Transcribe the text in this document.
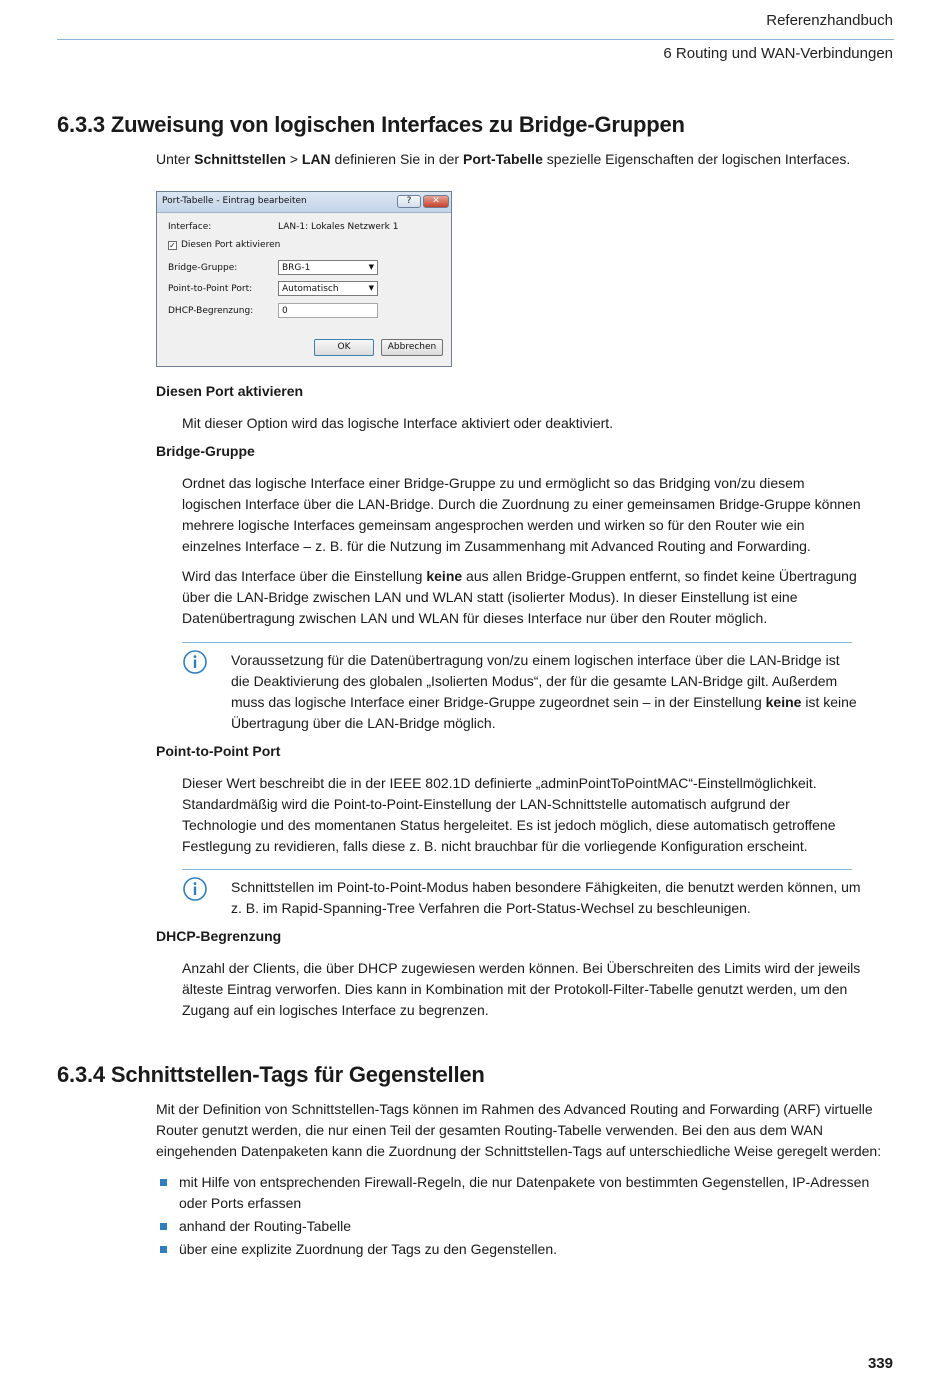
Referenzhandbuch
6 Routing und WAN-Verbindungen
6.3.3 Zuweisung von logischen Interfaces zu Bridge-Gruppen

Unter Schnittstellen > LAN definieren Sie in der Port-Tabelle spezielle Eigenschaften der logischen Interfaces.

Port-Tabelle - Eintrag bearbeiten	?	✕
Interface:	LAN-1: Lokales Netzwerk 1
✓ Diesen Port aktivieren
Bridge-Gruppe:	BRG-1	▼
Point-to-Point Port:	Automatisch	▼
DHCP-Begrenzung:	0
OK	Abbrechen

Diesen Port aktivieren

Mit dieser Option wird das logische Interface aktiviert oder deaktiviert.

Bridge-Gruppe

Ordnet das logische Interface einer Bridge-Gruppe zu und ermöglicht so das Bridging von/zu diesem logischen Interface über die LAN-Bridge. Durch die Zuordnung zu einer gemeinsamen Bridge-Gruppe können mehrere logische Interfaces gemeinsam angesprochen werden und wirken so für den Router wie ein einzelnes Interface – z. B. für die Nutzung im Zusammenhang mit Advanced Routing and Forwarding.

Wird das Interface über die Einstellung keine aus allen Bridge-Gruppen entfernt, so findet keine Übertragung über die LAN-Bridge zwischen LAN und WLAN statt (isolierter Modus). In dieser Einstellung ist eine Datenübertragung zwischen LAN und WLAN für dieses Interface nur über den Router möglich.

Voraussetzung für die Datenübertragung von/zu einem logischen interface über die LAN-Bridge ist die Deaktivierung des globalen „Isolierten Modus“, der für die gesamte LAN-Bridge gilt. Außerdem muss das logische Interface einer Bridge-Gruppe zugeordnet sein – in der Einstellung keine ist keine Übertragung über die LAN-Bridge möglich.

Point-to-Point Port

Dieser Wert beschreibt die in der IEEE 802.1D definierte „adminPointToPointMAC“-Einstellmöglichkeit. Standardmäßig wird die Point-to-Point-Einstellung der LAN-Schnittstelle automatisch aufgrund der Technologie und des momentanen Status hergeleitet. Es ist jedoch möglich, diese automatisch getroffene Festlegung zu revidieren, falls diese z. B. nicht brauchbar für die vorliegende Konfiguration erscheint.

Schnittstellen im Point-to-Point-Modus haben besondere Fähigkeiten, die benutzt werden können, um z. B. im Rapid-Spanning-Tree Verfahren die Port-Status-Wechsel zu beschleunigen.

DHCP-Begrenzung

Anzahl der Clients, die über DHCP zugewiesen werden können. Bei Überschreiten des Limits wird der jeweils älteste Eintrag verworfen. Dies kann in Kombination mit der Protokoll-Filter-Tabelle genutzt werden, um den Zugang auf ein logisches Interface zu begrenzen.

6.3.4 Schnittstellen-Tags für Gegenstellen

Mit der Definition von Schnittstellen-Tags können im Rahmen des Advanced Routing and Forwarding (ARF) virtuelle Router genutzt werden, die nur einen Teil der gesamten Routing-Tabelle verwenden. Bei den aus dem WAN eingehenden Datenpaketen kann die Zuordnung der Schnittstellen-Tags auf unterschiedliche Weise geregelt werden:

mit Hilfe von entsprechenden Firewall-Regeln, die nur Datenpakete von bestimmten Gegenstellen, IP-Adressen oder Ports erfassen
anhand der Routing-Tabelle
über eine explizite Zuordnung der Tags zu den Gegenstellen.
339
